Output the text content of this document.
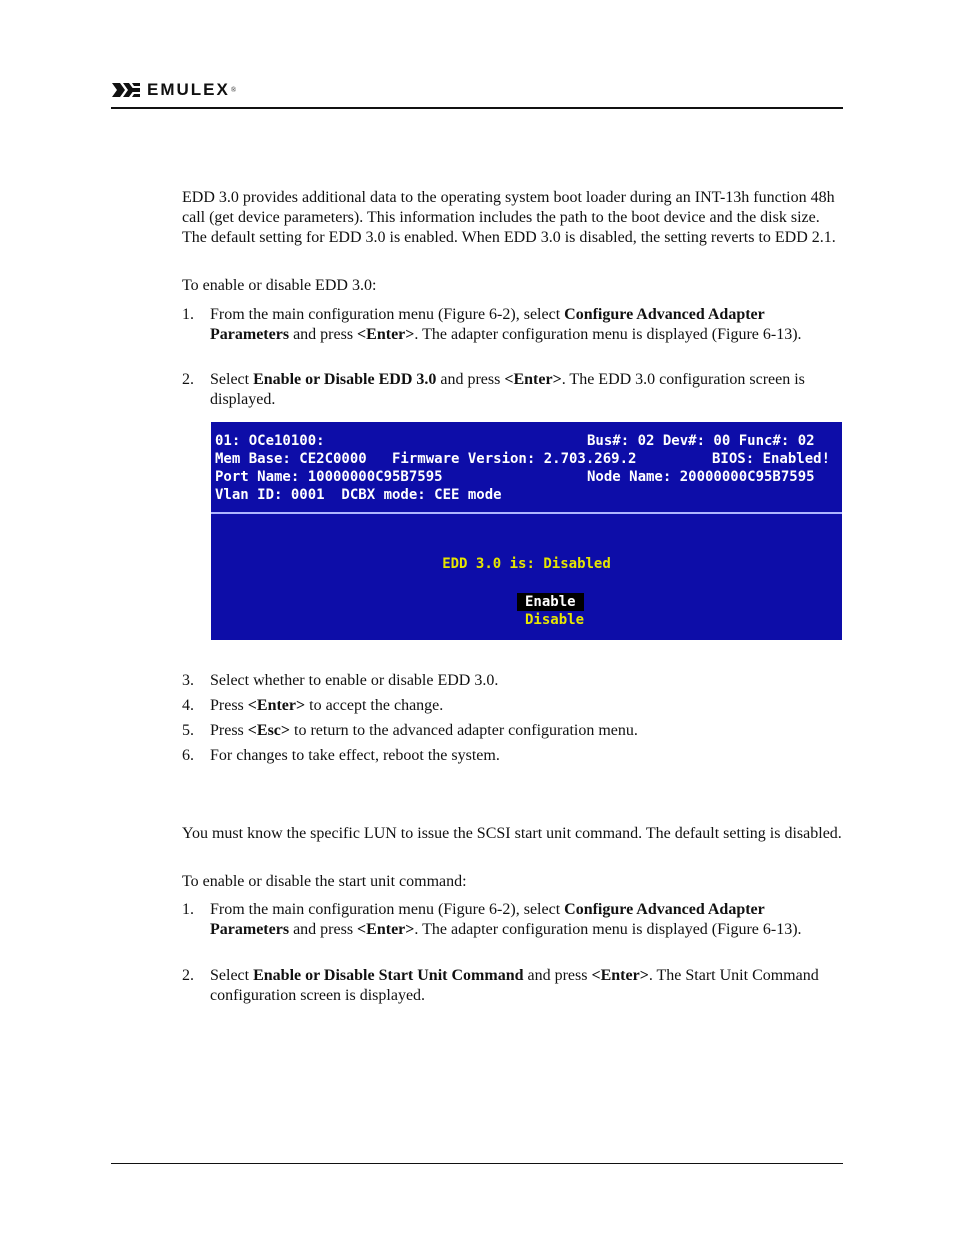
EMULEX ®

EDD 3.0 provides additional data to the operating system boot loader during an INT-13h function 48h call (get device parameters). This information includes the path to the boot device and the disk size. The default setting for EDD 3.0 is enabled. When EDD 3.0 is disabled, the setting reverts to EDD 2.1.

To enable or disable EDD 3.0:

1.	From the main configuration menu (Figure 6-2), select Configure Advanced Adapter Parameters and press <Enter>. The adapter configuration menu is displayed (Figure 6-13).
2.	Select Enable or Disable EDD 3.0 and press <Enter>. The EDD 3.0 configuration screen is displayed.
01: OCe10100:	Bus#: 02 Dev#: 00 Func#: 02
Mem Base: CE2C0000   Firmware Version: 2.703.269.2	BIOS: Enabled!
Port Name: 10000000C95B7595	Node Name: 20000000C95B7595
Vlan ID: 0001  DCBX mode: CEE mode
EDD 3.0 is: Disabled
Enable
Disable
3.	Select whether to enable or disable EDD 3.0.
4.	Press <Enter> to accept the change.
5.	Press <Esc> to return to the advanced adapter configuration menu.
6.	For changes to take effect, reboot the system.

You must know the specific LUN to issue the SCSI start unit command. The default setting is disabled.

To enable or disable the start unit command:

1.	From the main configuration menu (Figure 6-2), select Configure Advanced Adapter Parameters and press <Enter>. The adapter configuration menu is displayed (Figure 6-13).
2.	Select Enable or Disable Start Unit Command and press <Enter>. The Start Unit Command configuration screen is displayed.
